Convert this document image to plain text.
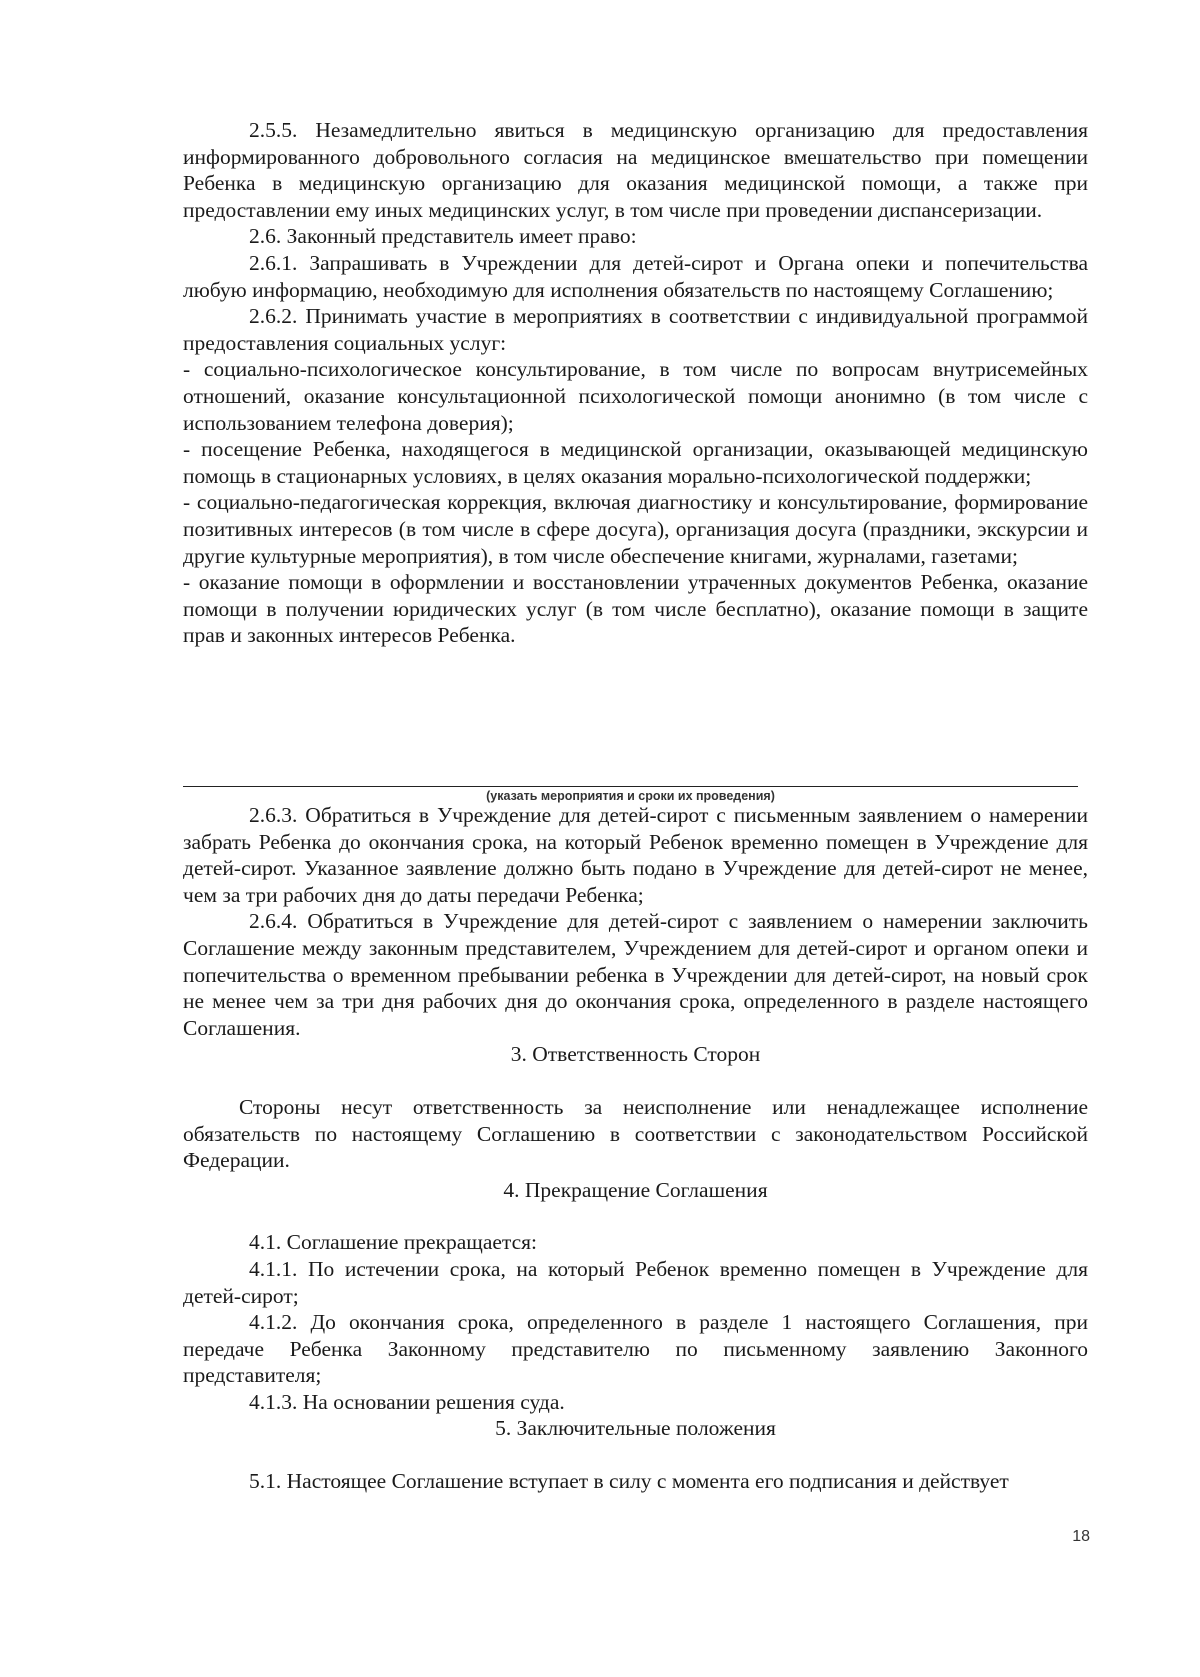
2.5.5. Незамедлительно явиться в медицинскую организацию для предоставления информированного добровольного согласия на медицинское вмешательство при помещении Ребенка в медицинскую организацию для оказания медицинской помощи, а также при предоставлении ему иных медицинских услуг, в том числе при проведении диспансеризации.

2.6. Законный представитель имеет право:

2.6.1. Запрашивать в Учреждении для детей-сирот и Органа опеки и попечительства любую информацию, необходимую для исполнения обязательств по настоящему Соглашению;

2.6.2. Принимать участие в мероприятиях в соответствии с индивидуальной программой предоставления социальных услуг:

- социально-психологическое консультирование, в том числе по вопросам внутрисемейных отношений, оказание консультационной психологической помощи анонимно (в том числе с использованием телефона доверия);

- посещение Ребенка, находящегося в медицинской организации, оказывающей медицинскую помощь в стационарных условиях, в целях оказания морально-психологической поддержки;

- социально-педагогическая коррекция, включая диагностику и консультирование, формирование позитивных интересов (в том числе в сфере досуга), организация досуга (праздники, экскурсии и другие культурные мероприятия), в том числе обеспечение книгами, журналами, газетами;

- оказание помощи в оформлении и восстановлении утраченных документов Ребенка, оказание помощи в получении юридических услуг (в том числе бесплатно), оказание помощи в защите прав и законных интересов Ребенка.

(указать мероприятия и сроки их проведения)

2.6.3. Обратиться в Учреждение для детей-сирот с письменным заявлением о намерении забрать Ребенка до окончания срока, на который Ребенок временно помещен в Учреждение для детей-сирот. Указанное заявление должно быть подано в Учреждение для детей-сирот не менее, чем за три рабочих дня до даты передачи Ребенка;

2.6.4. Обратиться в Учреждение для детей-сирот с заявлением о намерении заключить Соглашение между законным представителем, Учреждением для детей-сирот и органом опеки и попечительства о временном пребывании ребенка в Учреждении для детей-сирот, на новый срок не менее чем за три дня рабочих дня до окончания срока, определенного в разделе настоящего Соглашения.

3. Ответственность Сторон

Стороны несут ответственность за неисполнение или ненадлежащее исполнение обязательств по настоящему Соглашению в соответствии с законодательством Российской Федерации.

4. Прекращение Соглашения

4.1. Соглашение прекращается:

4.1.1. По истечении срока, на который Ребенок временно помещен в Учреждение для детей-сирот;

4.1.2. До окончания срока, определенного в разделе 1 настоящего Соглашения, при передаче Ребенка Законному представителю по письменному заявлению Законного представителя;

4.1.3. На основании решения суда.

5. Заключительные положения

5.1. Настоящее Соглашение вступает в силу с момента его подписания и действует

18
